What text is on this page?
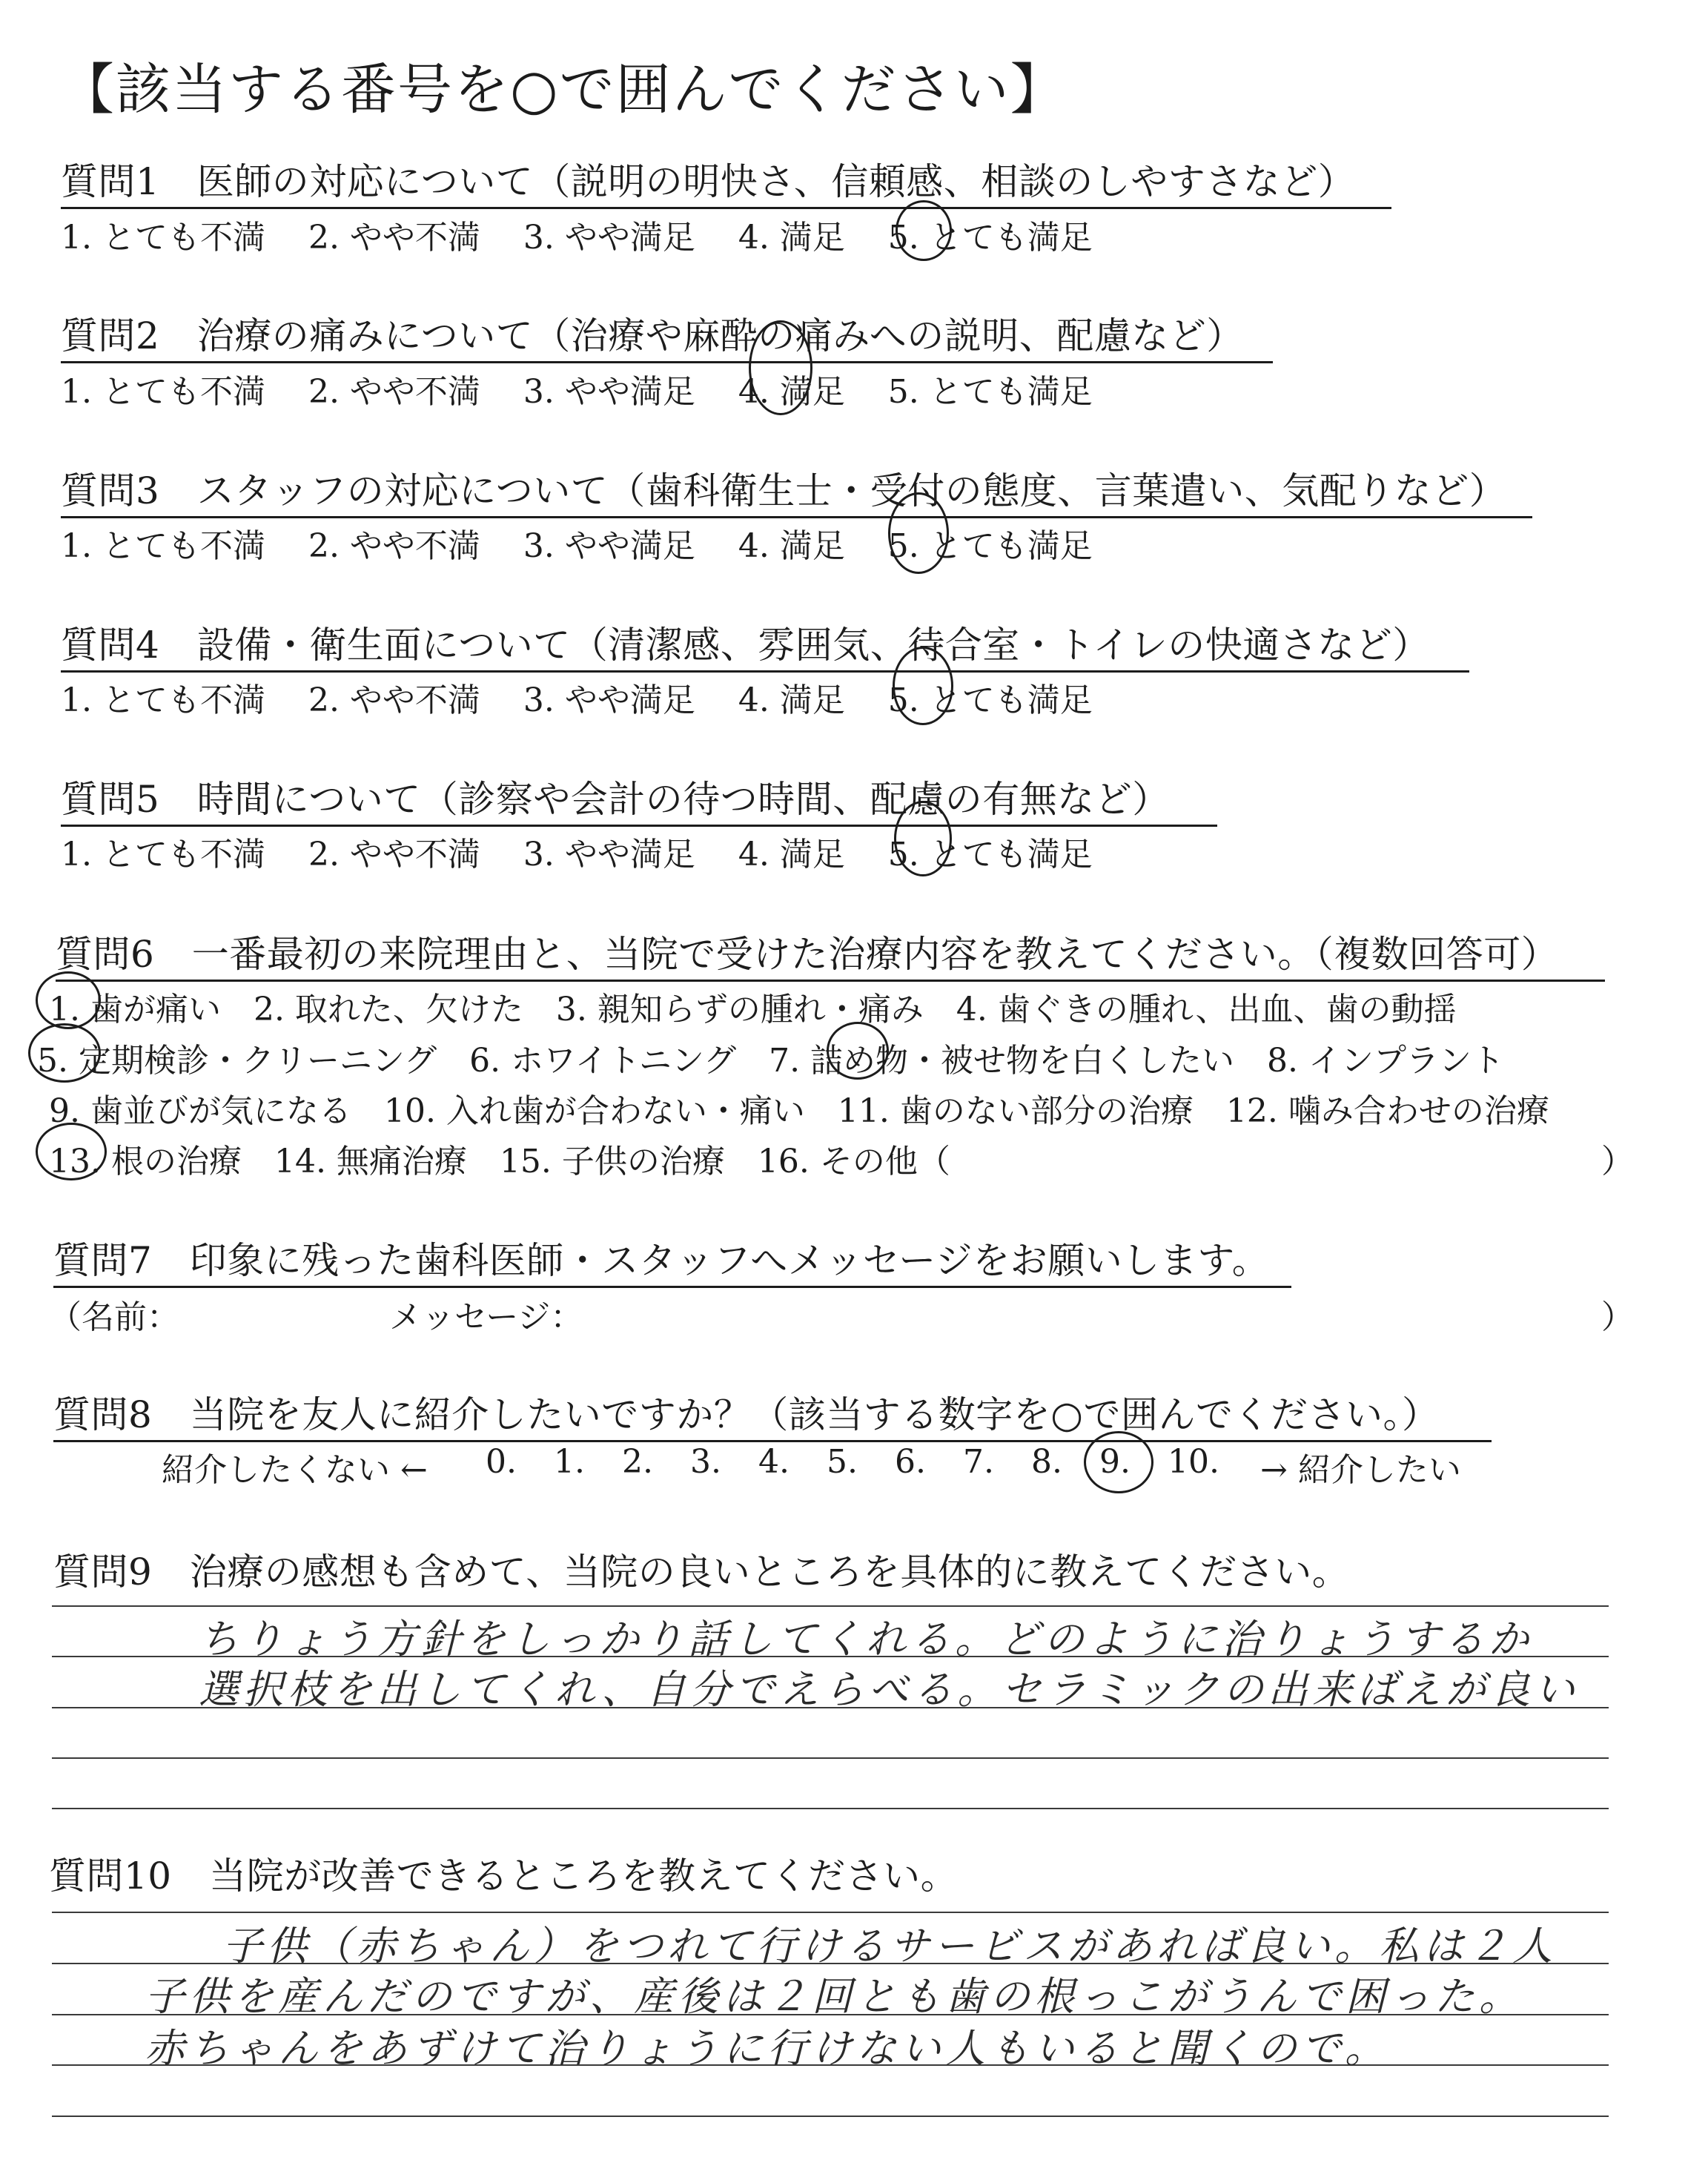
【該当する番号を○で囲んでください】
質問1　医師の対応について（説明の明快さ、信頼感、相談のしやすさなど）
1. とても不満　 2. やや不満　 3. やや満足　 4. 満足　 5. とても満足
質問2　治療の痛みについて（治療や麻酔の痛みへの説明、配慮など）
1. とても不満　 2. やや不満　 3. やや満足　 4. 満足　 5. とても満足
質問3　スタッフの対応について（歯科衛生士・受付の態度、言葉遣い、気配りなど）
1. とても不満　 2. やや不満　 3. やや満足　 4. 満足　 5. とても満足
質問4　設備・衛生面について（清潔感、雰囲気、待合室・トイレの快適さなど）
1. とても不満　 2. やや不満　 3. やや満足　 4. 満足　 5. とても満足
質問5　時間について（診察や会計の待つ時間、配慮の有無など）
1. とても不満　 2. やや不満　 3. やや満足　 4. 満足　 5. とても満足
質問6　一番最初の来院理由と、当院で受けた治療内容を教えてください。（複数回答可）
1. 歯が痛い　2. 取れた、欠けた　3. 親知らずの腫れ・痛み　4. 歯ぐきの腫れ、出血、歯の動揺
5. 定期検診・クリーニング　6. ホワイトニング　7. 詰め物・被せ物を白くしたい　8. インプラント
9. 歯並びが気になる　10. 入れ歯が合わない・痛い　11. 歯のない部分の治療　12. 噛み合わせの治療
13. 根の治療　14. 無痛治療　15. 子供の治療　16. その他（	）
質問7　印象に残った歯科医師・スタッフへメッセージをお願いします。
（名前：	メッセージ：	）
質問8　当院を友人に紹介したいですか？（該当する数字を○で囲んでください。）
紹介したくない ← 0. 1. 2. 3. 4. 5. 6. 7. 8. 9. 10.	→ 紹介したい
質問9　治療の感想も含めて、当院の良いところを具体的に教えてください。
ちりょう方針をしっかり話してくれる。どのように治りょうするか
選択枝を出してくれ、自分でえらべる。セラミックの出来ばえが良い
質問10　当院が改善できるところを教えてください。
子供（赤ちゃん）をつれて行けるサービスがあれば良い。私は２人
子供を産んだのですが、産後は２回とも歯の根っこがうんで困った。
赤ちゃんをあずけて治りょうに行けない人もいると聞くので。
